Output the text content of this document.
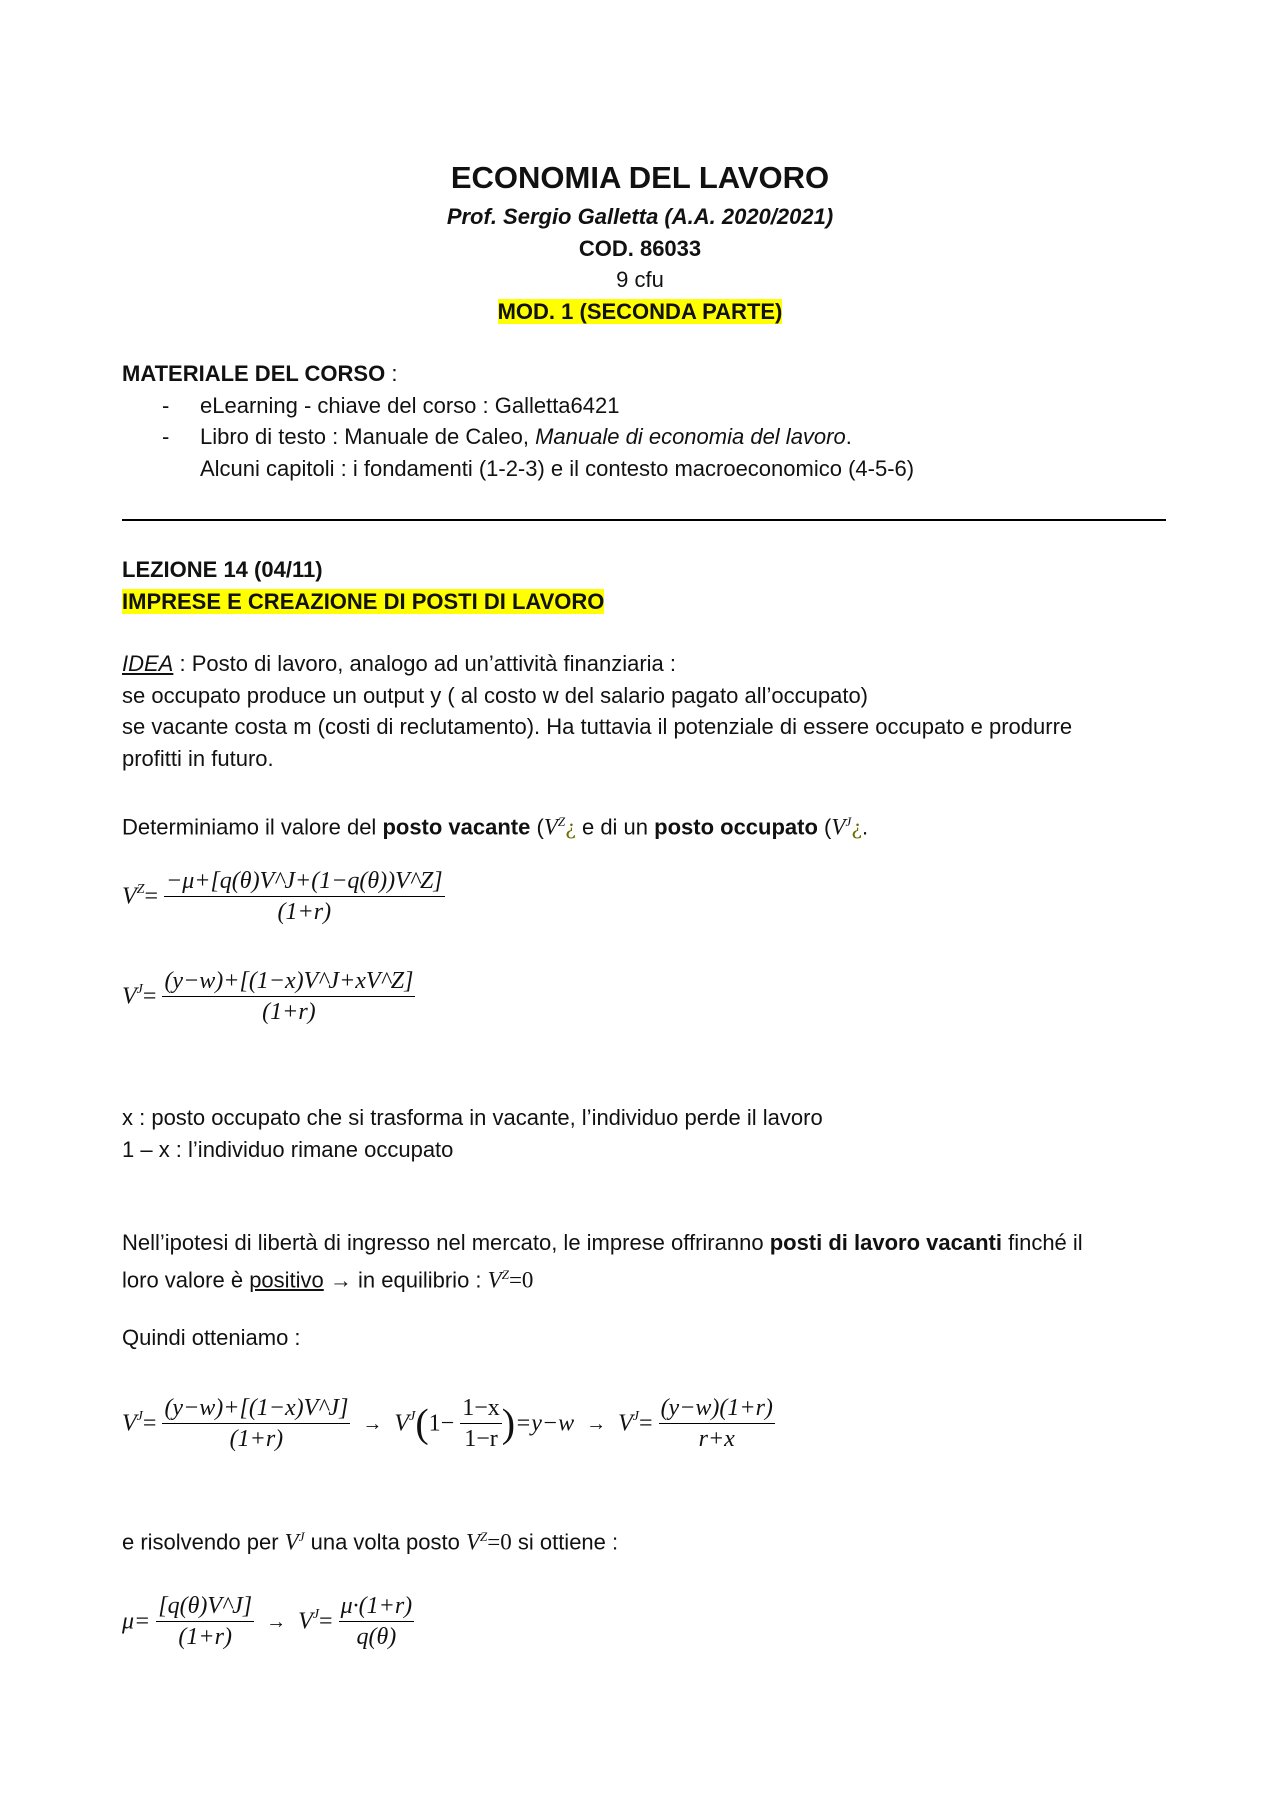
ECONOMIA DEL LAVORO
Prof. Sergio Galletta (A.A. 2020/2021)
COD. 86033
9 cfu
MOD. 1 (SECONDA PARTE)
MATERIALE DEL CORSO :
- eLearning - chiave del corso : Galletta6421
- Libro di testo : Manuale de Caleo, Manuale di economia del lavoro.
Alcuni capitoli : i fondamenti (1-2-3) e il contesto macroeconomico (4-5-6)
LEZIONE 14 (04/11)
IMPRESE E CREAZIONE DI POSTI DI LAVORO
IDEA : Posto di lavoro, analogo ad un’attività finanziaria :
se occupato produce un output y ( al costo w del salario pagato all’occupato)
se vacante costa m (costi di reclutamento). Ha tuttavia il potenziale di essere occupato e produrre
profitti in futuro.
Determiniamo il valore del posto vacante ($V^Z¿$ e di un posto occupato ($V^J¿$.
$V^Z= \frac{-\mu+[q(\theta)V\^{}J+(1-q(\theta))V\^{}Z]}{(1+r)}$
$V^J= \frac{(y-w)+[(1-x)V\^{}J+xV\^{}Z]}{(1+r)}$
x : posto occupato che si trasforma in vacante, l’individuo perde il lavoro
1 – x : l’individuo rimane occupato
Nell’ipotesi di libertà di ingresso nel mercato, le imprese offriranno posti di lavoro vacanti finché il
loro valore è positivo → in equilibrio : $V^Z=0$
Quindi otteniamo :
$V^J= \frac{(y-w)+[(1-x)V\^{}J]}{(1+r)} \to V^J(1- \frac{1-x}{1-r} )=y-w \to V^J= \frac{(y-w)(1+r)}{r+x}$
e risolvendo per $V^J$ una volta posto $V^Z=0$ si ottiene :
$\mu= \frac{[q(\theta)V\^{}J]}{(1+r)} \to V^J= \frac{\mu\cdot(1+r)}{q(\theta)}$
